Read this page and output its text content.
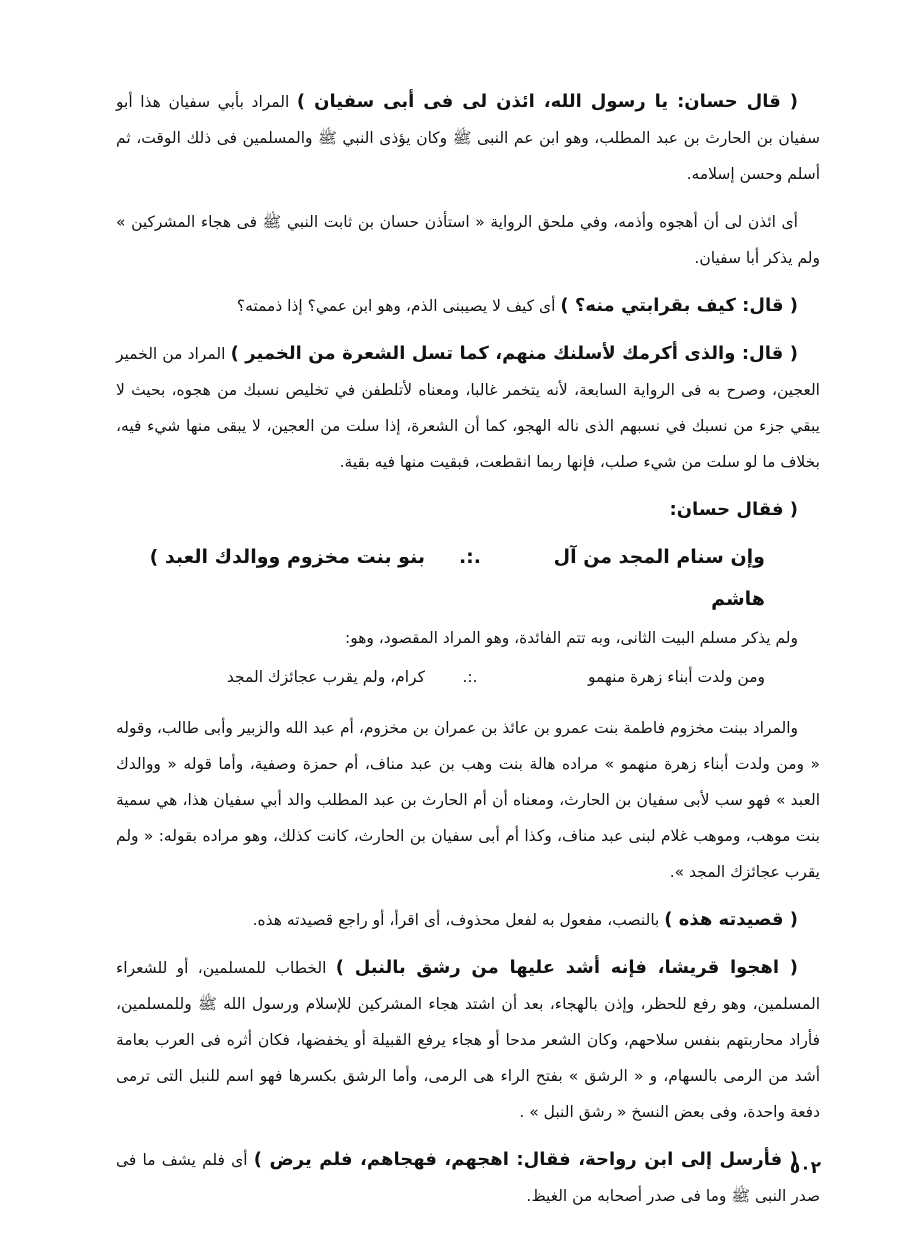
( قال حسان: يا رسول الله، ائذن لى فى أبى سفيان ) المراد بأبي سفيان هذا أبو سفيان بن الحارث بن عبد المطلب، وهو ابن عم النبى ﷺ وكان يؤذى النبي ﷺ والمسلمين فى ذلك الوقت، ثم أسلم وحسن إسلامه.

أى ائذن لى أن أهجوه وأذمه، وفي ملحق الرواية « استأذن حسان بن ثابت النبي ﷺ فى هجاء المشركين » ولم يذكر أبا سفيان.

( قال: كيف بقرابتي منه؟ ) أى كيف لا يصيبنى الذم، وهو ابن عمي؟ إذا ذممته؟

( قال: والذى أكرمك لأسلنك منهم، كما تسل الشعرة من الخمير ) المراد من الخمير العجين، وصرح به فى الرواية السابعة، لأنه يتخمر غالبا، ومعناه لأتلطفن في تخليص نسبك من هجوه، بحيث لا يبقي جزء من نسبك في نسبهم الذى ناله الهجو، كما أن الشعرة، إذا سلت من العجين، لا يبقى منها شيء فيه، بخلاف ما لو سلت من شيء صلب، فإنها ربما انقطعت، فبقيت منها فيه بقية.

( فقال حسان:

وإن سنام المجد من آل هاشم
.:.
بنو بنت مخزوم ووالدك العبد )

ولم يذكر مسلم البيت الثانى، وبه تتم الفائدة، وهو المراد المقصود، وهو:

ومن ولدت أبناء زهرة منهمو
.:.
كرام، ولم يقرب عجائزك المجد

والمراد ببنت مخزوم فاطمة بنت عمرو بن عائذ بن عمران بن مخزوم، أم عبد الله والزبير وأبى طالب، وقوله « ومن ولدت أبناء زهرة منهمو » مراده هالة بنت وهب بن عبد مناف، أم حمزة وصفية، وأما قوله « ووالدك العبد » فهو سب لأبى سفيان بن الحارث، ومعناه أن أم الحارث بن عبد المطلب والد أبي سفيان هذا، هي سمية بنت موهب، وموهب غلام لبنى عبد مناف، وكذا أم أبى سفيان بن الحارث، كانت كذلك، وهو مراده بقوله: « ولم يقرب عجائزك المجد ».

( قصيدته هذه ) بالنصب، مفعول به لفعل محذوف، أى اقرأ، أو راجع قصيدته هذه.

( اهجوا قريشا، فإنه أشد عليها من رشق بالنبل ) الخطاب للمسلمين، أو للشعراء المسلمين، وهو رفع للحظر، وإذن بالهجاء، بعد أن اشتد هجاء المشركين للإسلام ورسول الله ﷺ وللمسلمين، فأراد محاربتهم بنفس سلاحهم، وكان الشعر مدحا أو هجاء يرفع القبيلة أو يخفضها، فكان أثره فى العرب بعامة أشد من الرمى بالسهام، و « الرشق » بفتح الراء هى الرمى، وأما الرشق بكسرها فهو اسم للنبل التى ترمى دفعة واحدة، وفى بعض النسخ « رشق النبل » .

( فأرسل إلى ابن رواحة، فقال: اهجهم، فهجاهم، فلم يرض ) أى فلم يشف ما فى صدر النبى ﷺ وما فى صدر أصحابه من الغيظ.

٥٠٢
